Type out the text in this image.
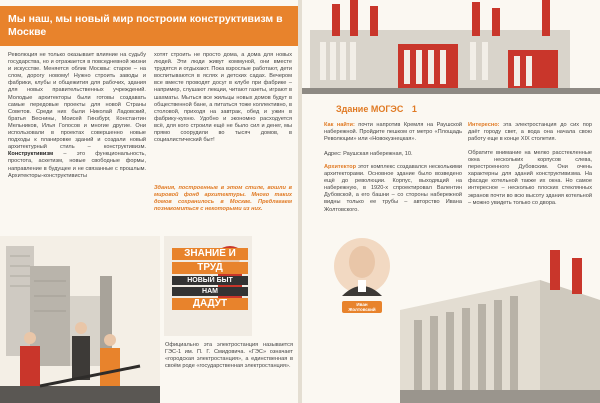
Мы наш, мы новый мир построим конструктивизм в Москве
Революция не только оказывает влияние на судьбу государства, но и отражается в повседневной жизни и искусстве. Меняется облик Москвы: старое – на слом, дорогу новому! Нужно строить заводы и фабрики, клубы и общежития для рабочих, здания для новых правительственных учреждений. Молодые архитекторы были готовы создавать самые передовые проекты для новой Страны Советов. Среди них были Николай Ладовский, братья Веснины, Моисей Гинзбург, Константин Мельников, Илья Голосов и многие другие. Они использовали в проектах совершенно новые подходы к планировке зданий и создали новый архитектурный стиль – конструктивизм. Конструктивизм – это функциональность, простота, аскетизм, новые свободные формы, направление в будущее и не связанные с прошлым. Архитекторы-конструктивисты
хотят строить не просто дома, а дома для новых людей. Эти люди живут коммуной, они вместе трудятся и отдыхают. Пока взрослые работают, дети воспитываются в яслях и детских садах. Вечером все вместе проводят досуг в клубе при фабрике – например, слушают лекции, читают газеты, играют в шахматы. Мыться все жильцы новых домов будут в общественной бане, а питаться тоже коллективно, в столовой, приходя на завтрак, обед и ужин в фабрику-кухню. Удобно и экономно расходуется всё, для кого строили ещё не было сил и денег, мы прямо соорудили во тысяч домов, в социалистический быт!
Здания, построенные в этом стиле, вошли в мировой фонд архитектуры. Много таких домов сохранилось в Москве. Предлагаем познакомиться с некоторыми из них.
ЗНАНИЕ И
ТРУД
НОВЫЙ БЫТ
НАМ
ДАДУТ
Официально эта электростанция называется ГЭС-1 им. П. Г. Смидовича. «ГЭС» означает «городская электростанция», а единственная в своём роде «государственная электростанция».
Здание МОГЭС 1
Как найти: почти напротив Кремля на Раушской набережной. Пройдите пешком от метро «Площадь Революции» или «Новокузнецкая».
Адрес: Раушская набережная, 10.
Архитектор этот комплекс создавался несколькими архитекторами. Основное здание было возведено ещё до революции. Корпус, выходящий на набережную, в 1920-х спроектировал Валентин Дубовской, а его башни – со стороны набережной видны только ее трубы – авторство Ивана Жолтовского.
Интересно: эта электростанция до сих пор даёт городу свет, а вода она начала свою работу еще в конце XIX столетия.
Обратите внимание на мелко расстекленные окна нескольких корпусов слева, перестроенного Дубовским. Они очень характерны для зданий конструктивизма. На фасаде котельной также их окна. Но самое интересное – несколько плоских стеклянных экранов почти во всю высоту здания котельной – можно увидеть только со двора.
Иван Жолтовский
